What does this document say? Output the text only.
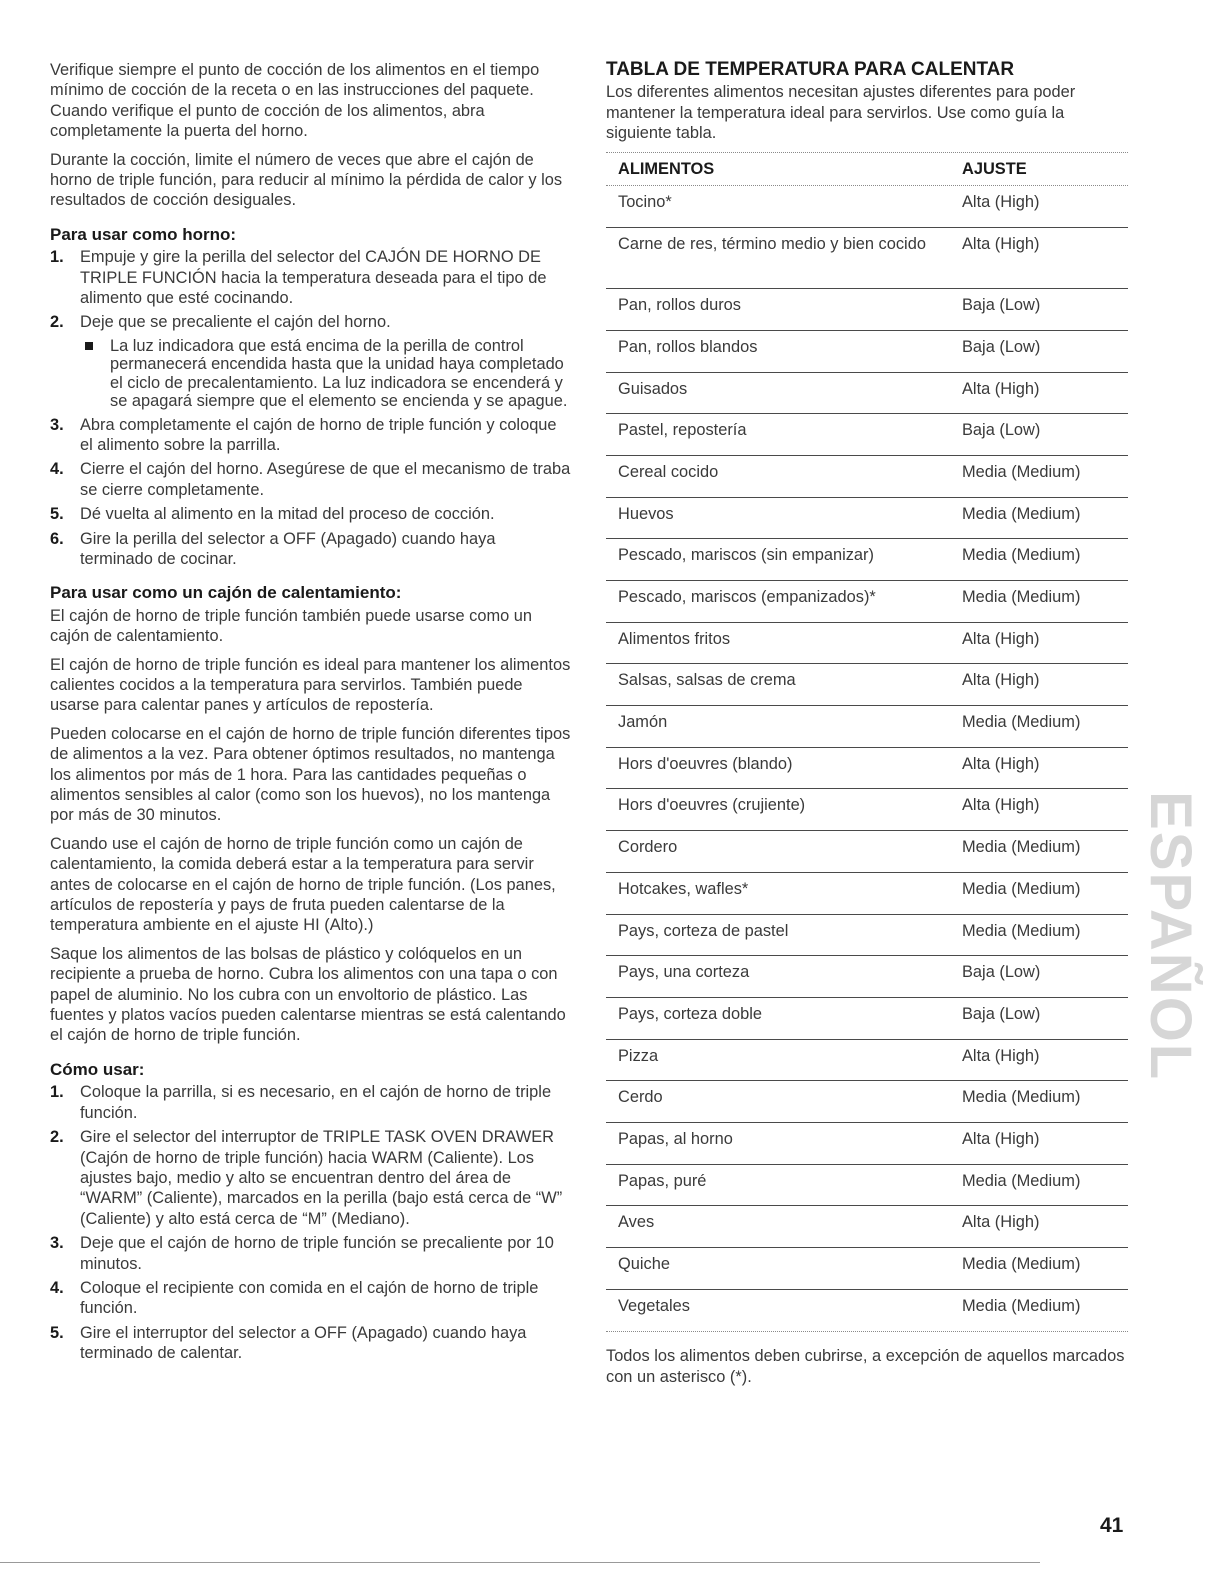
Verifique siempre el punto de cocción de los alimentos en el tiempo mínimo de cocción de la receta o en las instrucciones del paquete. Cuando verifique el punto de cocción de los alimentos, abra completamente la puerta del horno.

Durante la cocción, limite el número de veces que abre el cajón de horno de triple función, para reducir al mínimo la pérdida de calor y los resultados de cocción desiguales.

Para usar como horno:
1. Empuje y gire la perilla del selector del CAJÓN DE HORNO DE TRIPLE FUNCIÓN hacia la temperatura deseada para el tipo de alimento que esté cocinando.
2. Deje que se precaliente el cajón del horno.
La luz indicadora que está encima de la perilla de control permanecerá encendida hasta que la unidad haya completado el ciclo de precalentamiento. La luz indicadora se encenderá y se apagará siempre que el elemento se encienda y se apague.
3. Abra completamente el cajón de horno de triple función y coloque el alimento sobre la parrilla.
4. Cierre el cajón del horno. Asegúrese de que el mecanismo de traba se cierre completamente.
5. Dé vuelta al alimento en la mitad del proceso de cocción.
6. Gire la perilla del selector a OFF (Apagado) cuando haya terminado de cocinar.
Para usar como un cajón de calentamiento:

El cajón de horno de triple función también puede usarse como un cajón de calentamiento.

El cajón de horno de triple función es ideal para mantener los alimentos calientes cocidos a la temperatura para servirlos. También puede usarse para calentar panes y artículos de repostería.

Pueden colocarse en el cajón de horno de triple función diferentes tipos de alimentos a la vez. Para obtener óptimos resultados, no mantenga los alimentos por más de 1 hora. Para las cantidades pequeñas o alimentos sensibles al calor (como son los huevos), no los mantenga por más de 30 minutos.

Cuando use el cajón de horno de triple función como un cajón de calentamiento, la comida deberá estar a la temperatura para servir antes de colocarse en el cajón de horno de triple función. (Los panes, artículos de repostería y pays de fruta pueden calentarse de la temperatura ambiente en el ajuste HI (Alto).)

Saque los alimentos de las bolsas de plástico y colóquelos en un recipiente a prueba de horno. Cubra los alimentos con una tapa o con papel de aluminio. No los cubra con un envoltorio de plástico. Las fuentes y platos vacíos pueden calentarse mientras se está calentando el cajón de horno de triple función.

Cómo usar:
1. Coloque la parrilla, si es necesario, en el cajón de horno de triple función.
2. Gire el selector del interruptor de TRIPLE TASK OVEN DRAWER (Cajón de horno de triple función) hacia WARM (Caliente). Los ajustes bajo, medio y alto se encuentran dentro del área de “WARM” (Caliente), marcados en la perilla (bajo está cerca de “W” (Caliente) y alto está cerca de “M” (Mediano).
3. Deje que el cajón de horno de triple función se precaliente por 10 minutos.
4. Coloque el recipiente con comida en el cajón de horno de triple función.
5. Gire el interruptor del selector a OFF (Apagado) cuando haya terminado de calentar.
TABLA DE TEMPERATURA PARA CALENTAR

Los diferentes alimentos necesitan ajustes diferentes para poder mantener la temperatura ideal para servirlos. Use como guía la siguiente tabla.

ALIMENTOS	AJUSTE
Tocino*	Alta (High)
Carne de res, término medio y bien cocido	Alta (High)
Pan, rollos duros	Baja (Low)
Pan, rollos blandos	Baja (Low)
Guisados	Alta (High)
Pastel, repostería	Baja (Low)
Cereal cocido	Media (Medium)
Huevos	Media (Medium)
Pescado, mariscos (sin empanizar)	Media (Medium)
Pescado, mariscos (empanizados)*	Media (Medium)
Alimentos fritos	Alta (High)
Salsas, salsas de crema	Alta (High)
Jamón	Media (Medium)
Hors d'oeuvres (blando)	Alta (High)
Hors d'oeuvres (crujiente)	Alta (High)
Cordero	Media (Medium)
Hotcakes, wafles*	Media (Medium)
Pays, corteza de pastel	Media (Medium)
Pays, una corteza	Baja (Low)
Pays, corteza doble	Baja (Low)
Pizza	Alta (High)
Cerdo	Media (Medium)
Papas, al horno	Alta (High)
Papas, puré	Media (Medium)
Aves	Alta (High)
Quiche	Media (Medium)
Vegetales	Media (Medium)

Todos los alimentos deben cubrirse, a excepción de aquellos marcados con un asterisco (*).

ESPAÑOL
41
